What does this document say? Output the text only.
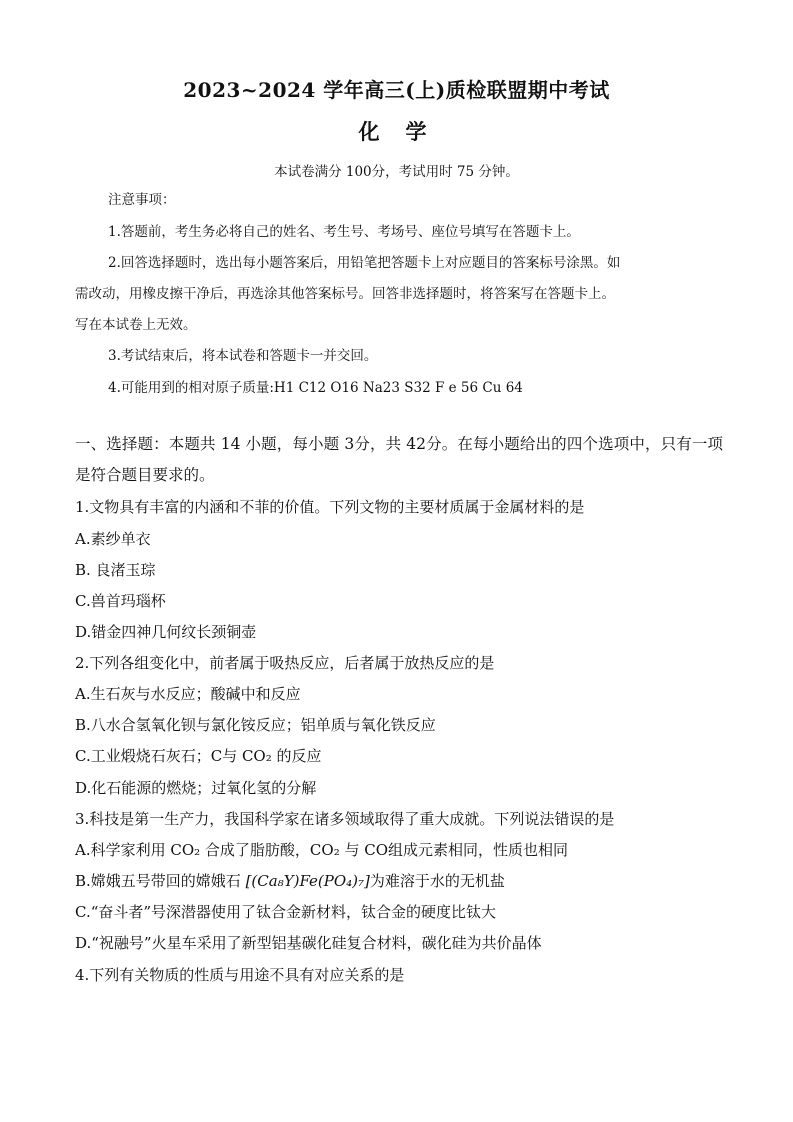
2023~2024 学年高三(上)质检联盟期中考试
化学
本试卷满分 100分，考试用时 75 分钟。
注意事项：
1.答题前，考生务必将自己的姓名、考生号、考场号、座位号填写在答题卡上。
2.回答选择题时，选出每小题答案后，用铅笔把答题卡上对应题目的答案标号涂黑。如
需改动，用橡皮擦干净后，再选涂其他答案标号。回答非选择题时，将答案写在答题卡上。
写在本试卷上无效。
3.考试结束后，将本试卷和答题卡一并交回。
4.可能用到的相对原子质量:H1 C12 O16 Na23 S32 F e 56 Cu 64
一、选择题：本题共 14 小题，每小题 3分，共 42分。在每小题给出的四个选项中，只有一项是符合题目要求的。
1.文物具有丰富的内涵和不菲的价值。下列文物的主要材质属于金属材料的是
A.素纱单衣
B. 良渚玉琮
C.兽首玛瑙杯
D.错金四神几何纹长颈铜壶
2.下列各组变化中，前者属于吸热反应，后者属于放热反应的是
A.生石灰与水反应；酸碱中和反应
B.八水合氢氧化钡与氯化铵反应；铝单质与氧化铁反应
C.工业煅烧石灰石；C与 CO₂ 的反应
D.化石能源的燃烧；过氧化氢的分解
3.科技是第一生产力，我国科学家在诸多领域取得了重大成就。下列说法错误的是
A.科学家利用 CO₂ 合成了脂肪酸，CO₂ 与 CO组成元素相同，性质也相同
B.嫦娥五号带回的嫦娥石 [(Ca₈Y)Fe(PO₄)₇]为难溶于水的无机盐
C.“奋斗者”号深潜器使用了钛合金新材料，钛合金的硬度比钛大
D.“祝融号”火星车采用了新型铝基碳化硅复合材料，碳化硅为共价晶体
4.下列有关物质的性质与用途不具有对应关系的是
